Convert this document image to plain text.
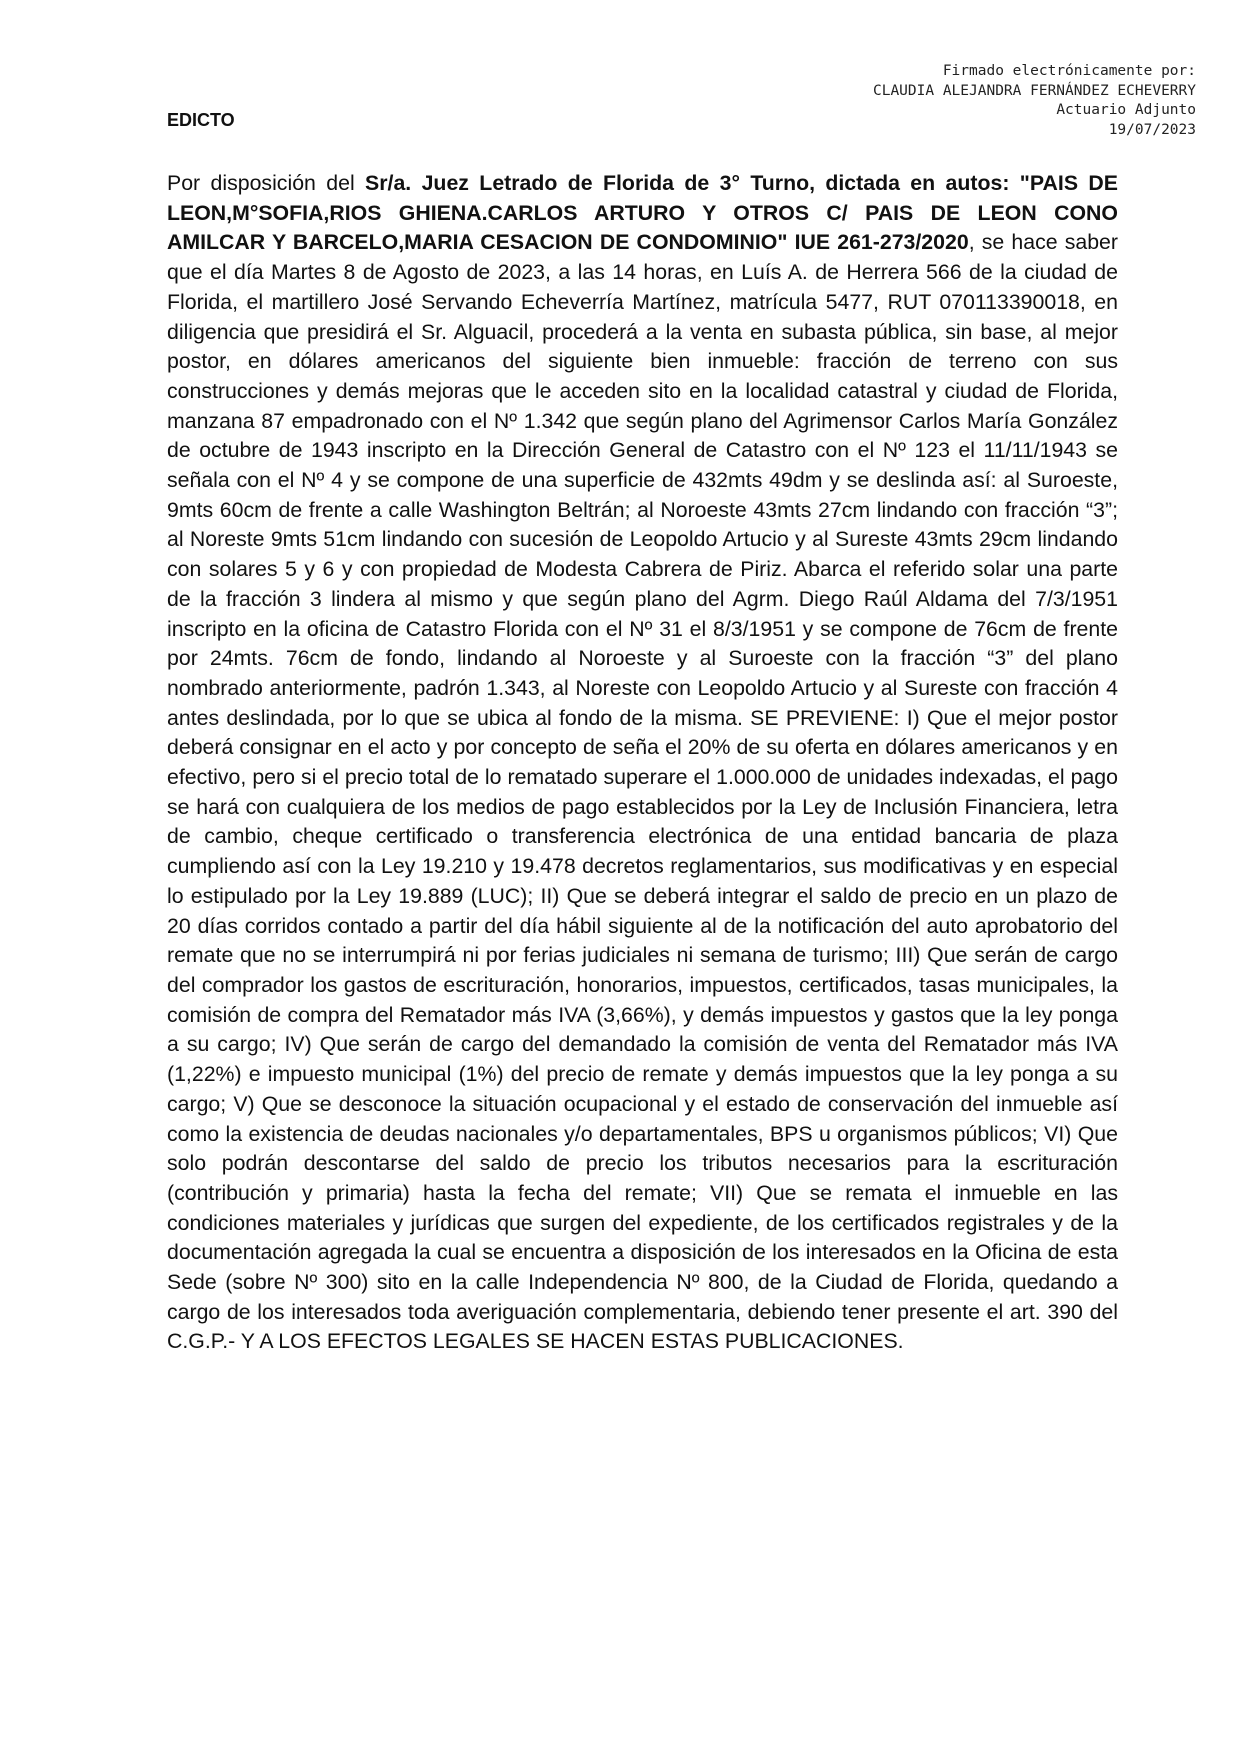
Firmado electrónicamente por:
CLAUDIA ALEJANDRA FERNÁNDEZ ECHEVERRY
Actuario Adjunto
19/07/2023
EDICTO

Por disposición del Sr/a. Juez Letrado de Florida de 3° Turno, dictada en autos: "PAIS DE LEON,M°SOFIA,RIOS GHIENA.CARLOS ARTURO Y OTROS C/ PAIS DE LEON CONO AMILCAR Y BARCELO,MARIA CESACION DE CONDOMINIO" IUE 261-273/2020, se hace saber que el día Martes 8 de Agosto de 2023, a las 14 horas, en Luís A. de Herrera 566 de la ciudad de Florida, el martillero José Servando Echeverría Martínez, matrícula 5477, RUT 070113390018, en diligencia que presidirá el Sr. Alguacil, procederá a la venta en subasta pública, sin base, al mejor postor, en dólares americanos del siguiente bien inmueble: fracción de terreno con sus construcciones y demás mejoras que le acceden sito en la localidad catastral y ciudad de Florida, manzana 87 empadronado con el Nº 1.342 que según plano del Agrimensor Carlos María González de octubre de 1943 inscripto en la Dirección General de Catastro con el Nº 123 el 11/11/1943 se señala con el Nº 4 y se compone de una superficie de 432mts 49dm y se deslinda así: al Suroeste, 9mts 60cm de frente a calle Washington Beltrán; al Noroeste 43mts 27cm lindando con fracción “3”; al Noreste 9mts 51cm lindando con sucesión de Leopoldo Artucio y al Sureste 43mts 29cm lindando con solares 5 y 6 y con propiedad de Modesta Cabrera de Piriz. Abarca el referido solar una parte de la fracción 3 lindera al mismo y que según plano del Agrm. Diego Raúl Aldama del 7/3/1951 inscripto en la oficina de Catastro Florida con el Nº 31 el 8/3/1951 y se compone de 76cm de frente por 24mts. 76cm de fondo, lindando al Noroeste y al Suroeste con la fracción “3” del plano nombrado anteriormente, padrón 1.343, al Noreste con Leopoldo Artucio y al Sureste con fracción 4 antes deslindada, por lo que se ubica al fondo de la misma. SE PREVIENE: I) Que el mejor postor deberá consignar en el acto y por concepto de seña el 20% de su oferta en dólares americanos y en efectivo, pero si el precio total de lo rematado superare el 1.000.000 de unidades indexadas, el pago se hará con cualquiera de los medios de pago establecidos por la Ley de Inclusión Financiera, letra de cambio, cheque certificado o transferencia electrónica de una entidad bancaria de plaza cumpliendo así con la Ley 19.210 y 19.478 decretos reglamentarios, sus modificativas y en especial lo estipulado por la Ley 19.889 (LUC); II) Que se deberá integrar el saldo de precio en un plazo de 20 días corridos contado a partir del día hábil siguiente al de la notificación del auto aprobatorio del remate que no se interrumpirá ni por ferias judiciales ni semana de turismo; III) Que serán de cargo del comprador los gastos de escrituración, honorarios, impuestos, certificados, tasas municipales, la comisión de compra del Rematador más IVA (3,66%), y demás impuestos y gastos que la ley ponga a su cargo; IV) Que serán de cargo del demandado la comisión de venta del Rematador más IVA (1,22%) e impuesto municipal (1%) del precio de remate y demás impuestos que la ley ponga a su cargo; V) Que se desconoce la situación ocupacional y el estado de conservación del inmueble así como la existencia de deudas nacionales y/o departamentales, BPS u organismos públicos; VI) Que solo podrán descontarse del saldo de precio los tributos necesarios para la escrituración (contribución y primaria) hasta la fecha del remate; VII) Que se remata el inmueble en las condiciones materiales y jurídicas que surgen del expediente, de los certificados registrales y de la documentación agregada la cual se encuentra a disposición de los interesados en la Oficina de esta Sede (sobre Nº 300) sito en la calle Independencia Nº 800, de la Ciudad de Florida, quedando a cargo de los interesados toda averiguación complementaria, debiendo tener presente el art. 390 del C.G.P.- Y A LOS EFECTOS LEGALES SE HACEN ESTAS PUBLICACIONES.
